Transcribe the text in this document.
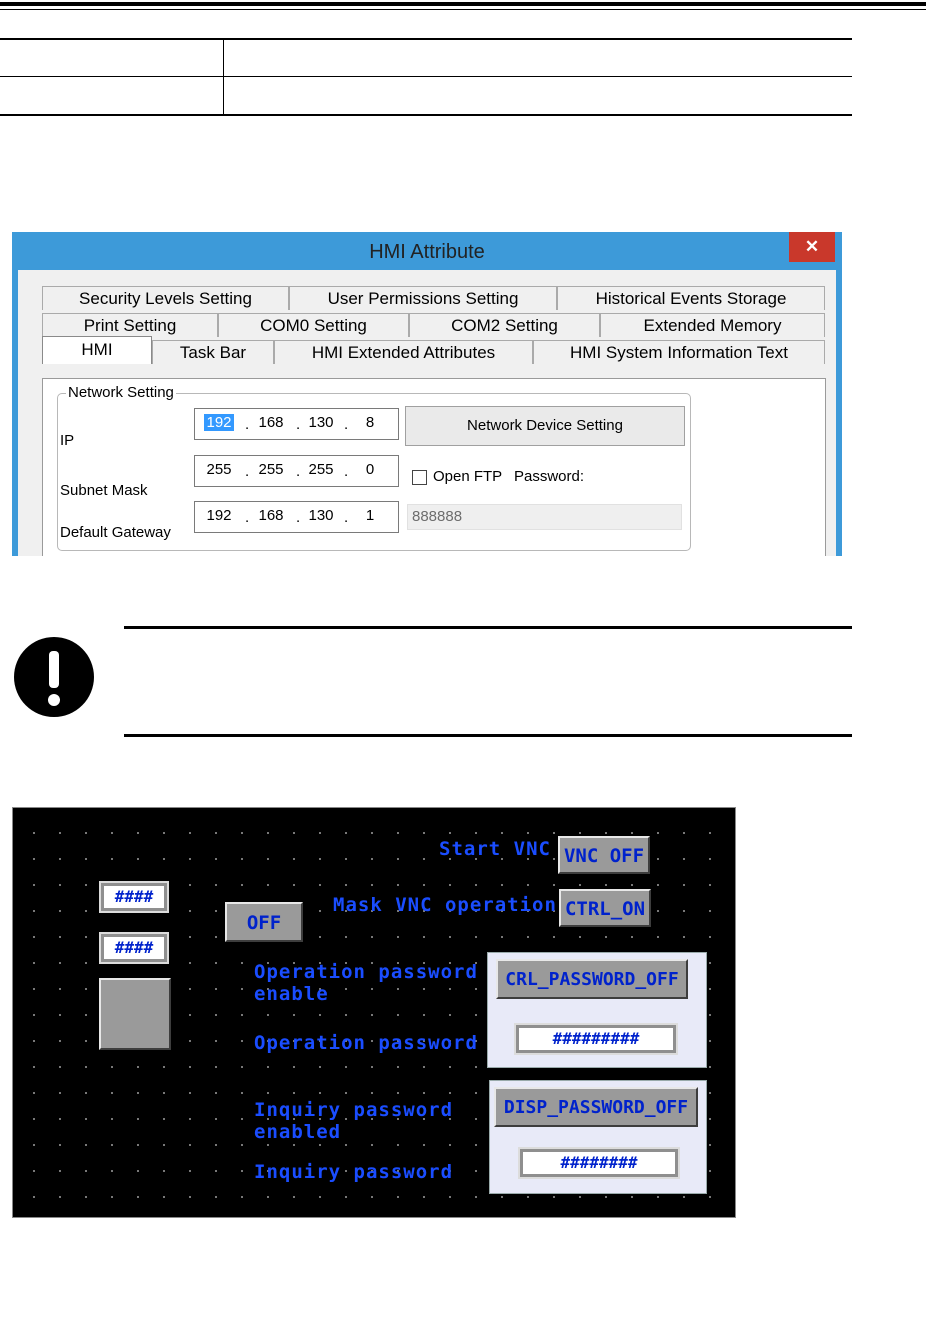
HMI Attribute	✕
Security Levels Setting	User Permissions Setting	Historical Events Storage
Print Setting	COM0 Setting	COM2 Setting	Extended Memory
HMI	Task Bar	HMI Extended Attributes	HMI System Information Text
Network Setting
IP
192 . 168 . 130 .	8	Network Device Setting
Subnet Mask
255 . 255 . 255 .	0	Open FTP Password:
Default Gateway
192 . 168 . 130 .	1	888888
Start VNC VNC OFF
Mask VNC operation CTRL_ON
####
####
OFF
CRL_PASSWORD_OFF
#########
Operation password
enable
Operation password
DISP_PASSWORD_OFF
########
Inquiry password
enabled
Inquiry password
